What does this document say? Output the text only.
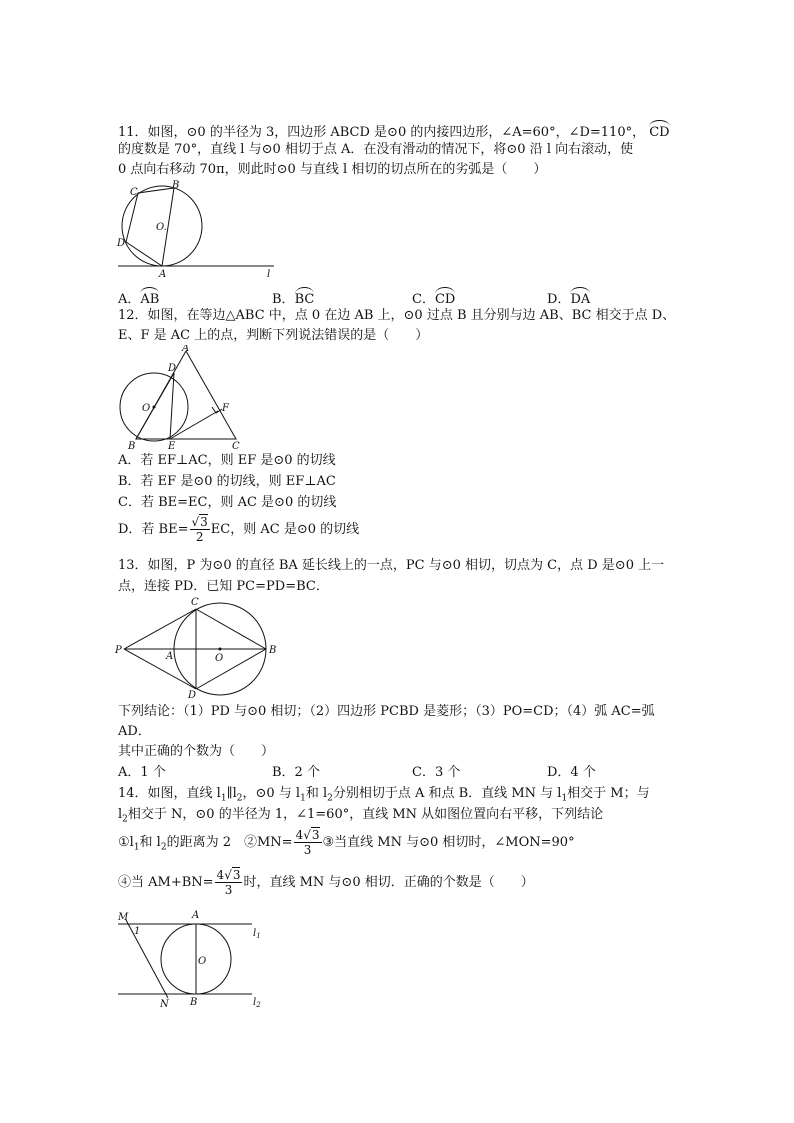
11．如图，⊙0 的半径为 3，四边形 ABCD 是⊙0 的内接四边形，∠A=60°，∠D=110°， CD
的度数是 70°，直线 l 与⊙0 相切于点 A．在没有滑动的情况下，将⊙0 沿 l 向右滚动，使
0 点向右移动 70π，则此时⊙0 与直线 l 相切的切点所在的劣弧是（　　）
B
C
D
O.
A	l
A．AB	B．BC	C．CD	D．DA
12．如图，在等边△ABC 中，点 0 在边 AB 上，⊙0 过点 B 且分别与边 AB、BC 相交于点 D、
E、F 是 AC 上的点，判断下列说法错误的是（　　）
A
D
O	F
B	E	C
A．若 EF⊥AC，则 EF 是⊙0 的切线
B．若 EF 是⊙0 的切线，则 EF⊥AC
C．若 BE=EC，则 AC 是⊙0 的切线
D．若 $BE= \frac{√3}{2}$ EC，则 AC 是⊙0 的切线
13．如图，P 为⊙0 的直径 BA 延长线上的一点，PC 与⊙0 相切，切点为 C，点 D 是⊙0 上一
点，连接 PD．已知 PC=PD=BC．
C
P
A	O
B
D
下列结论：（1）PD 与⊙0 相切；（2）四边形 PCBD 是菱形；（3）PO=CD；（4）弧 AC=弧
AD．
其中正确的个数为（　　）
A．1 个	B．2 个	C．3 个	D．4 个
14．如图，直线 $l_1\parallel l_2$，⊙0 与 $l_1$和 $l_2$分别相切于点 A 和点 B．直线 MN 与 $l_1$相交于 M；与
$l_2$相交于 N，⊙0 的半径为 1，∠1=60°，直线 MN 从如图位置向右平移，下列结论
$①l_1$和 $l_2$的距离为 2　②MN= $\frac{4√3}{3}$ ③当直线 MN 与⊙0 相切时，∠MON=90°
④当 $AM+BN= \frac{4√3}{3}$ 时，直线 MN 与⊙0 相切．正确的个数是（　　）
M	A
1	$l_1$
O
N B	$l_2$
